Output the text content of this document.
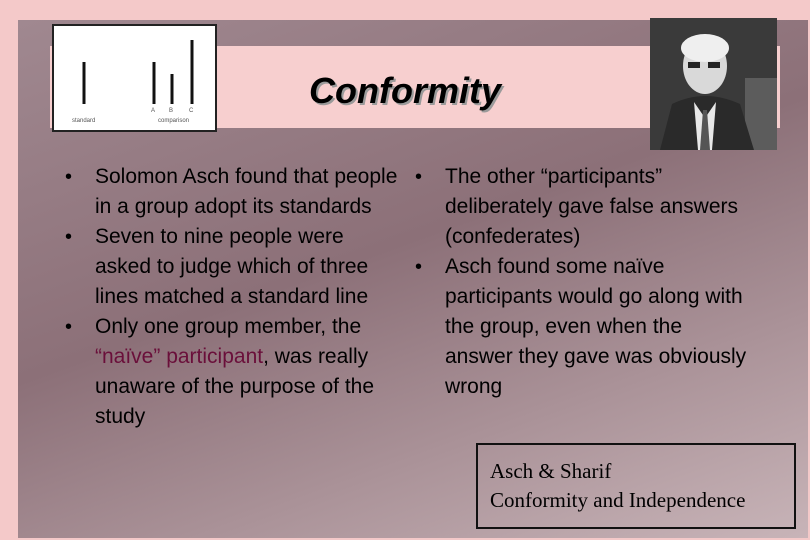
A B	C
standard	comparison
Conformity
• Solomon Asch found that people in a group adopt its standards
• Seven to nine people were asked to judge which of three lines matched a standard line
• Only one group member, the “naïve” participant, was really unaware of the purpose of the study
• The other “participants” deliberately gave false answers (confederates)
• Asch found some naïve participants would go along with the group, even when the answer they gave was obviously wrong
Asch & Sharif
Conformity and Independence
